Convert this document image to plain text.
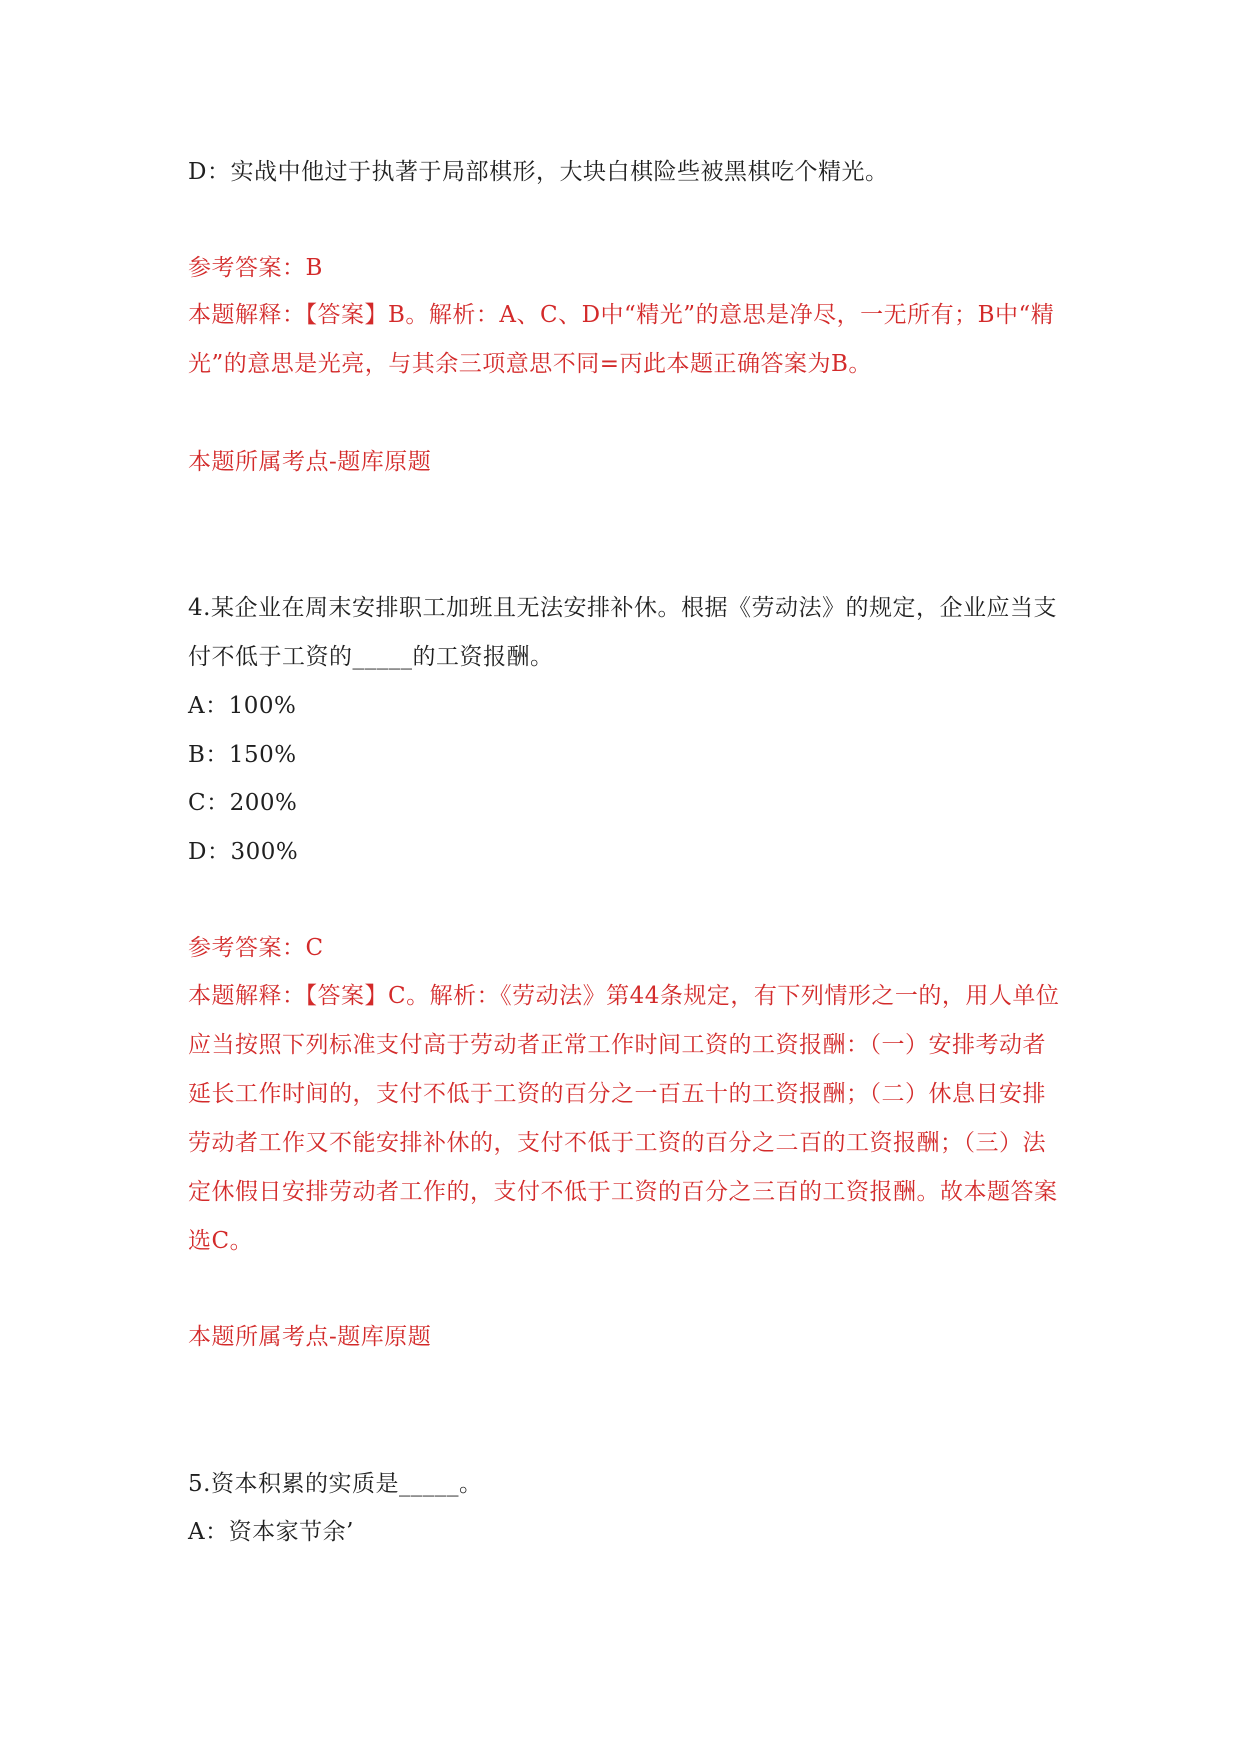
D：实战中他过于执著于局部棋形，大块白棋险些被黑棋吃个精光。
参考答案：B
本题解释：【答案】B。解析：A、C、D中“精光”的意思是净尽，一无所有；B中“精光”的意思是光亮，与其余三项意思不同=丙此本题正确答案为B。
本题所属考点-题库原题
4.某企业在周末安排职工加班且无法安排补休。根据《劳动法》的规定，企业应当支付不低于工资的_____的工资报酬。
A：100%
B：150%
C：200%
D：300%
参考答案：C
本题解释：【答案】C。解析：《劳动法》第44条规定，有下列情形之一的，用人单位应当按照下列标准支付高于劳动者正常工作时间工资的工资报酬：（一）安排考动者延长工作时间的，支付不低于工资的百分之一百五十的工资报酬；（二）休息日安排劳动者工作又不能安排补休的，支付不低于工资的百分之二百的工资报酬；（三）法定休假日安排劳动者工作的，支付不低于工资的百分之三百的工资报酬。故本题答案选C。
本题所属考点-题库原题
5.资本积累的实质是_____。
A：资本家节余’
